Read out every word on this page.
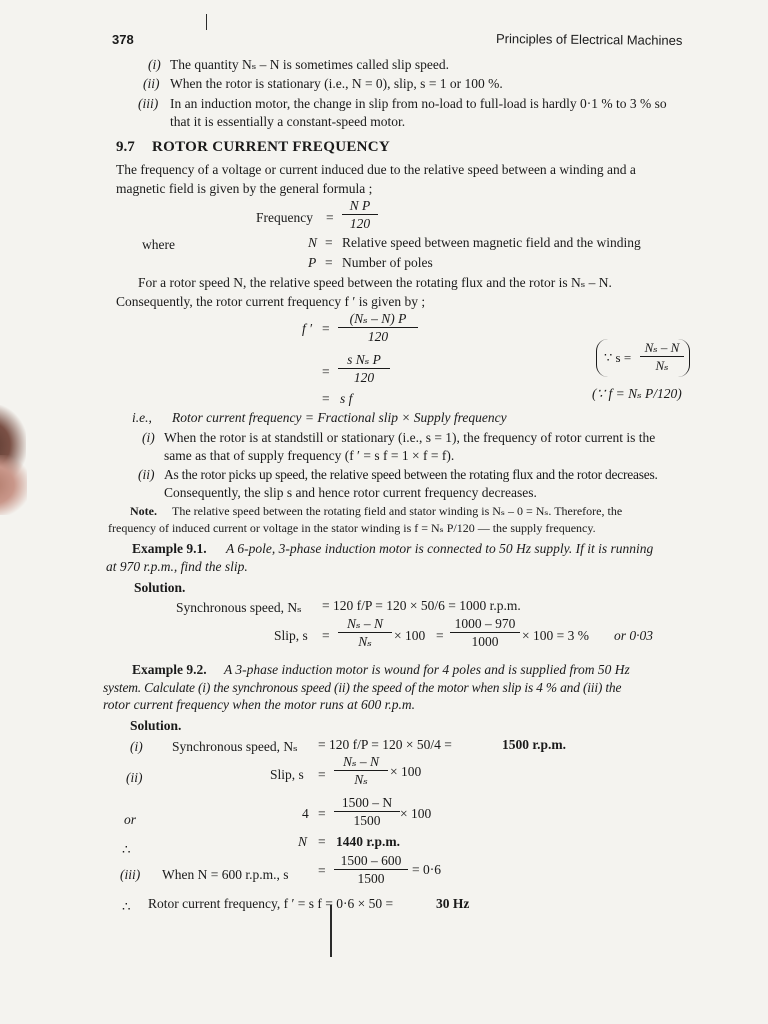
378	Principles of Electrical Machines
(i) The quantity Nₛ – N is sometimes called slip speed.
(ii) When the rotor is stationary (i.e., N = 0), slip, s = 1 or 100 %.
(iii) In an induction motor, the change in slip from no-load to full-load is hardly 0·1 % to 3 % so
that it is essentially a constant-speed motor.
9.7 ROTOR CURRENT FREQUENCY
The frequency of a voltage or current induced due to the relative speed between a winding and a
magnetic field is given by the general formula ;
Frequency = $\frac{\text{N P}}{120}$
where	N = Relative speed between magnetic field and the winding
P = Number of poles
For a rotor speed N, the relative speed between the rotating flux and the rotor is Nₛ – N.
Consequently, the rotor current frequency f ′ is given by ;
f ′ = $\frac{\text{(Nₛ – N) P}}{120}$
= $\frac{\text{s Nₛ P}}{120}$
= s f
∵ $s = \frac{\text{Nₛ – N}}{\text{Nₛ}}$
(∵ f = Nₛ P/120)
i.e., Rotor current frequency = Fractional slip × Supply frequency
(i) When the rotor is at standstill or stationary (i.e., s = 1), the frequency of rotor current is the
same as that of supply frequency (f ′ = s f = 1 × f = f).
(ii) As the rotor picks up speed, the relative speed between the rotating flux and the rotor decreases.
Consequently, the slip s and hence rotor current frequency decreases.
Note. The relative speed between the rotating field and stator winding is Nₛ – 0 = Nₛ. Therefore, the
frequency of induced current or voltage in the stator winding is f = Nₛ P/120 — the supply frequency.
Example 9.1. A 6-pole, 3-phase induction motor is connected to 50 Hz supply. If it is running
at 970 r.p.m., find the slip.
Solution.
Synchronous speed, Nₛ = 120 f/P = 120 × 50/6 = 1000 r.p.m.
Slip, $s = \frac{\text{Nₛ – N}}{\text{Nₛ}} \times 100 = \frac{1000 - 970}{1000} \times 100 = 3$ % or 0·03
Example 9.2. A 3-phase induction motor is wound for 4 poles and is supplied from 50 Hz
system. Calculate (i) the synchronous speed (ii) the speed of the motor when slip is 4 % and (iii) the
rotor current frequency when the motor runs at 600 r.p.m.
Solution.
(i) Synchronous speed, Nₛ = 120 f/P = 120 × 50/4 =	1500 r.p.m.
(ii)	Slip, $s = \frac{\text{Nₛ – N}}{\text{Nₛ}} \times 100$
or	$4 = \frac{1500 - N}{1500} \times 100$
∴
N = 1440 r.p.m.
(iii) When N = 600 r.p.m., $s = \frac{1500 - 600}{1500} = 0\cdot 6$
∴ Rotor current frequency, f ′ = s f = 0·6 × 50 =	30 Hz
